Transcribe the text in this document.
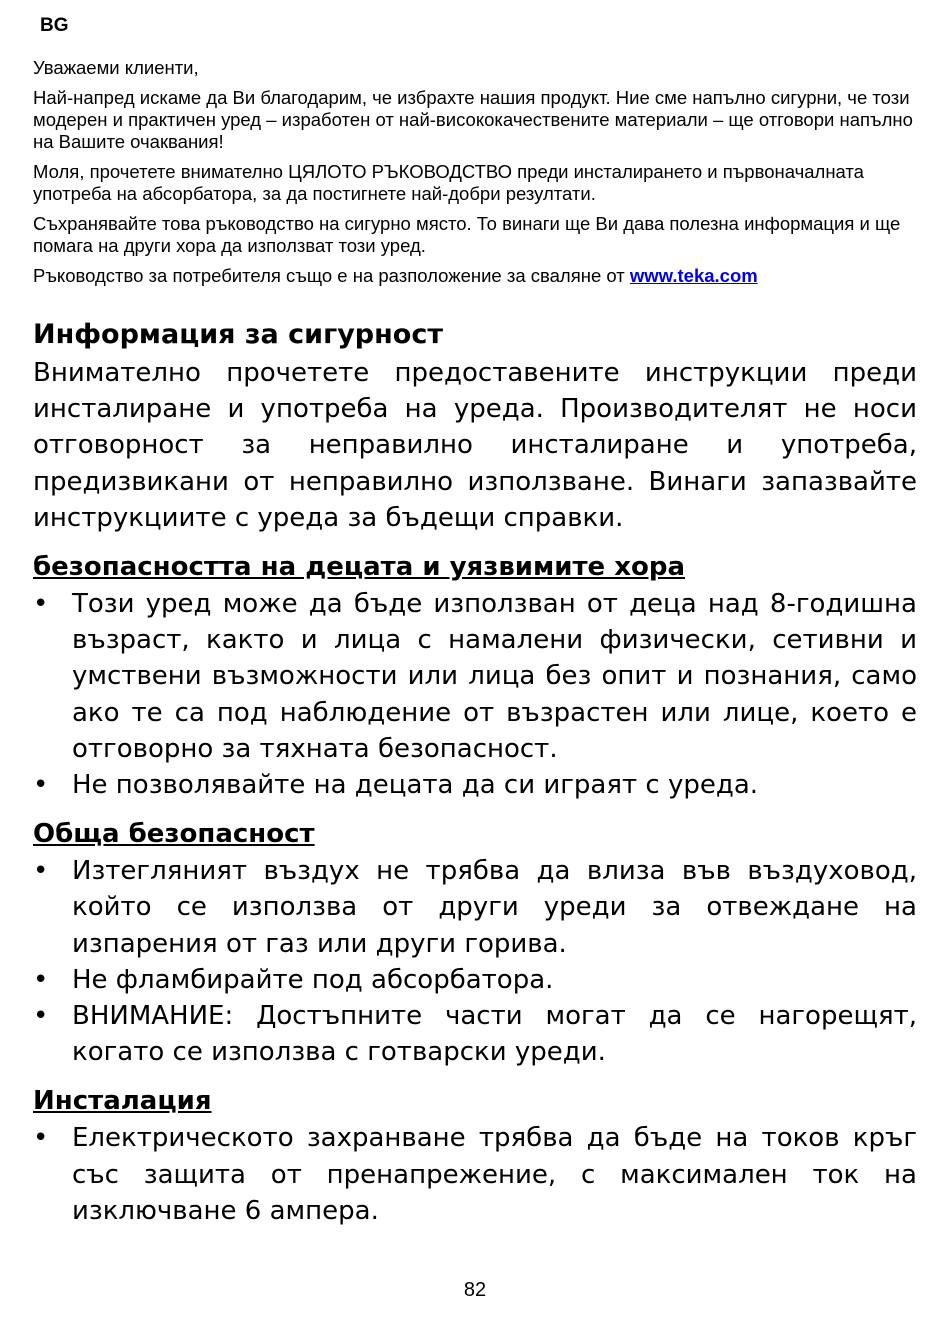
BG

Уважаеми клиенти,

Най-напред искаме да Ви благодарим, че избрахте нашия продукт. Ние сме напълно сигурни, че този модерен и практичен уред – изработен от най-висококачествените материали – ще отговори напълно на Вашите очаквания!

Моля, прочетете внимателно ЦЯЛОТО РЪКОВОДСТВО преди инсталирането и първоначалната употреба на абсорбатора, за да постигнете най-добри резултати.

Съхранявайте това ръководство на сигурно място. То винаги ще Ви дава полезна информация и ще помага на други хора да използват този уред.

Ръководство за потребителя също е на разположение за сваляне от www.teka.com

Информация за сигурност

Внимателно прочетете предоставените инструкции преди инсталиране и употреба на уреда. Производителят не носи отговорност за неправилно инсталиране и употреба, предизвикани от неправилно използване. Винаги запазвайте инструкциите с уреда за бъдещи справки.

безопасността на децата и уязвимите хора
• Този уред може да бъде използван от деца над 8-годишна възраст, както и лица с намалени физически, сетивни и умствени възможности или лица без опит и познания, само ако те са под наблюдение от възрастен или лице, което е отговорно за тяхната безопасност.
• Не позволявайте на децата да си играят с уреда.
Обща безопасност
• Изтегляният въздух не трябва да влиза във въздуховод, който се използва от други уреди за отвеждане на изпарения от газ или други горива.
• Не фламбирайте под абсорбатора.
• ВНИМАНИЕ: Достъпните части могат да се нагорещят, когато се използва с готварски уреди.
Инсталация
• Електрическото захранване трябва да бъде на токов кръг със защита от пренапрежение, с максимален ток на изключване 6 ампера.
82
